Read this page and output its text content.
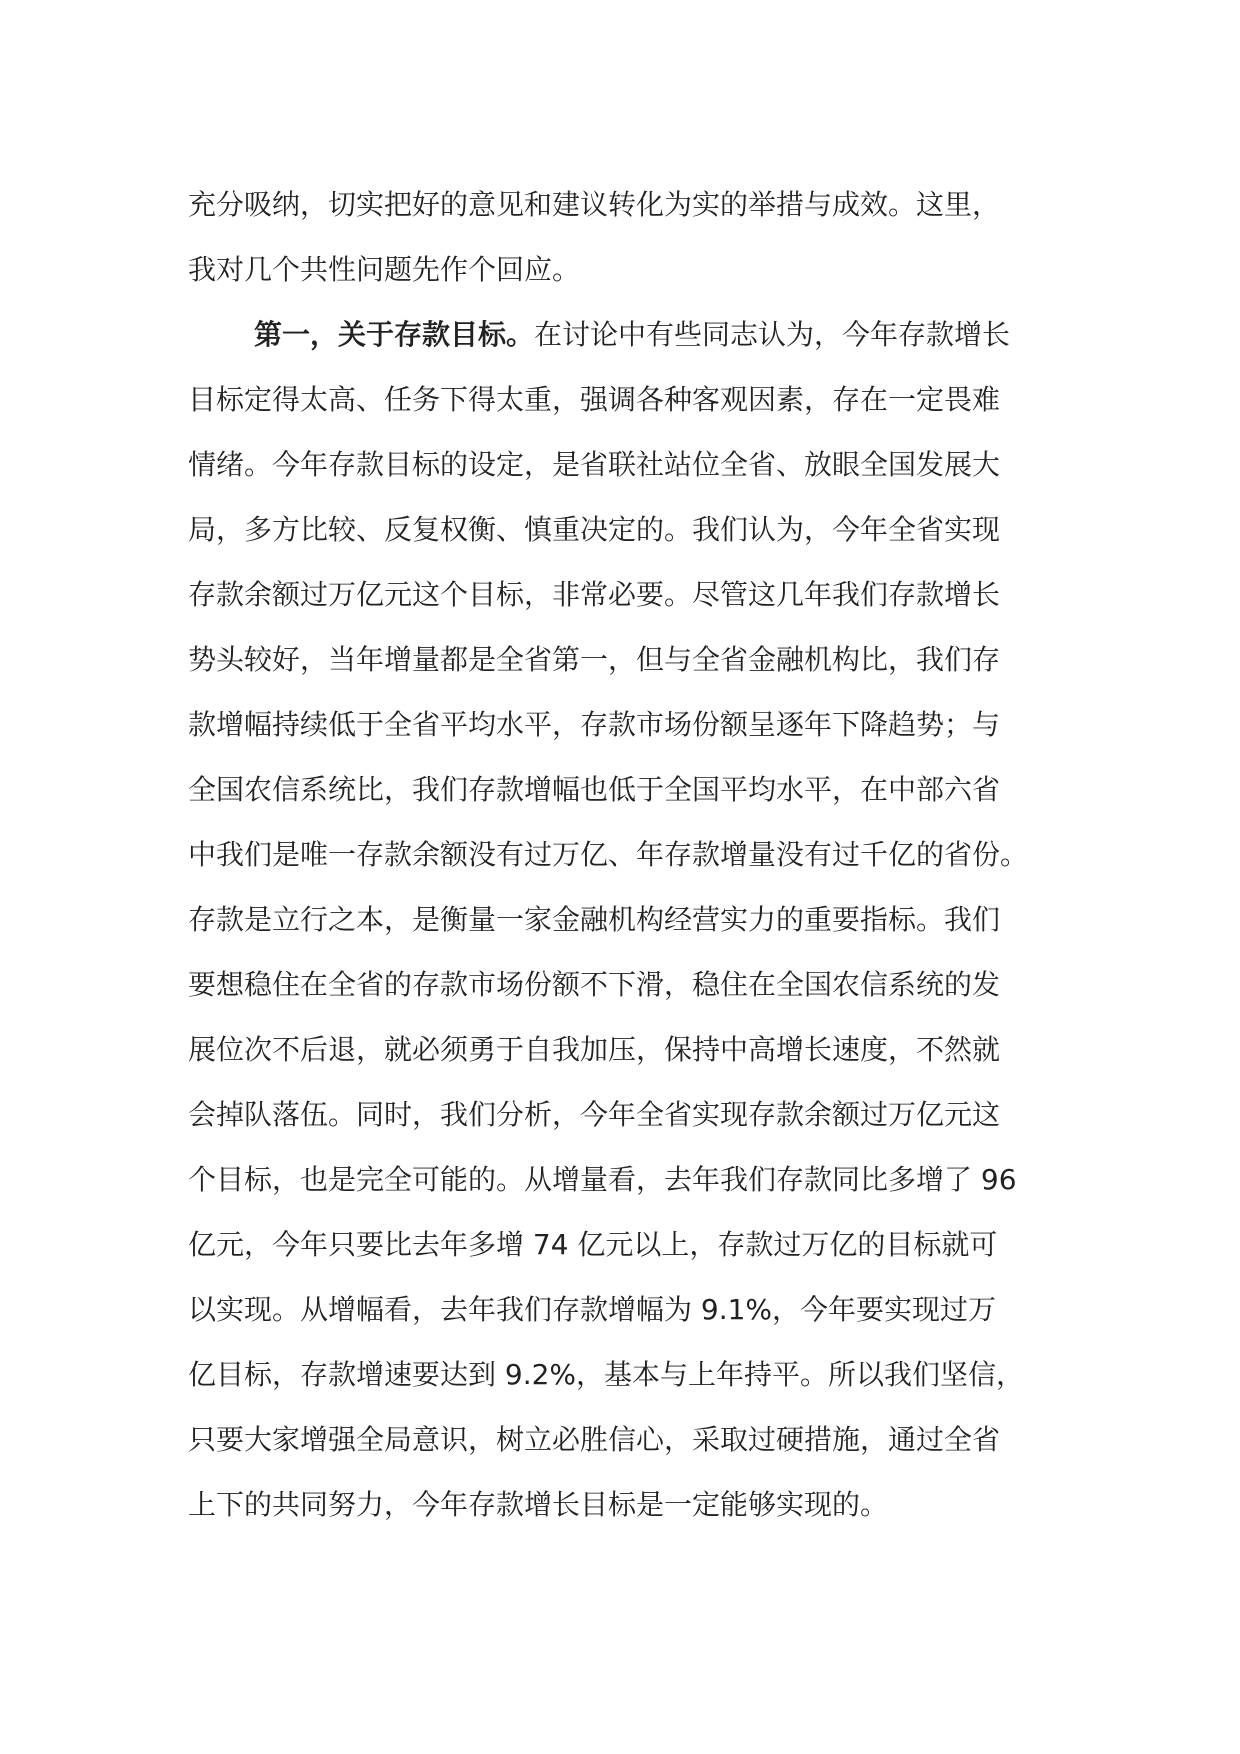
充分吸纳，切实把好的意见和建议转化为实的举措与成效。这里，
我对几个共性问题先作个回应。
第一，关于存款目标。在讨论中有些同志认为，今年存款增长
目标定得太高、任务下得太重，强调各种客观因素，存在一定畏难
情绪。今年存款目标的设定，是省联社站位全省、放眼全国发展大
局，多方比较、反复权衡、慎重决定的。我们认为，今年全省实现
存款余额过万亿元这个目标，非常必要。尽管这几年我们存款增长
势头较好，当年增量都是全省第一，但与全省金融机构比，我们存
款增幅持续低于全省平均水平，存款市场份额呈逐年下降趋势；与
全国农信系统比，我们存款增幅也低于全国平均水平，在中部六省
中我们是唯一存款余额没有过万亿、年存款增量没有过千亿的省份。
存款是立行之本，是衡量一家金融机构经营实力的重要指标。我们
要想稳住在全省的存款市场份额不下滑，稳住在全国农信系统的发
展位次不后退，就必须勇于自我加压，保持中高增长速度，不然就
会掉队落伍。同时，我们分析，今年全省实现存款余额过万亿元这
个目标，也是完全可能的。从增量看，去年我们存款同比多增了 96
亿元，今年只要比去年多增 74 亿元以上，存款过万亿的目标就可
以实现。从增幅看，去年我们存款增幅为 9.1%，今年要实现过万
亿目标，存款增速要达到 9.2%，基本与上年持平。所以我们坚信，
只要大家增强全局意识，树立必胜信心，采取过硬措施，通过全省
上下的共同努力，今年存款增长目标是一定能够实现的。
